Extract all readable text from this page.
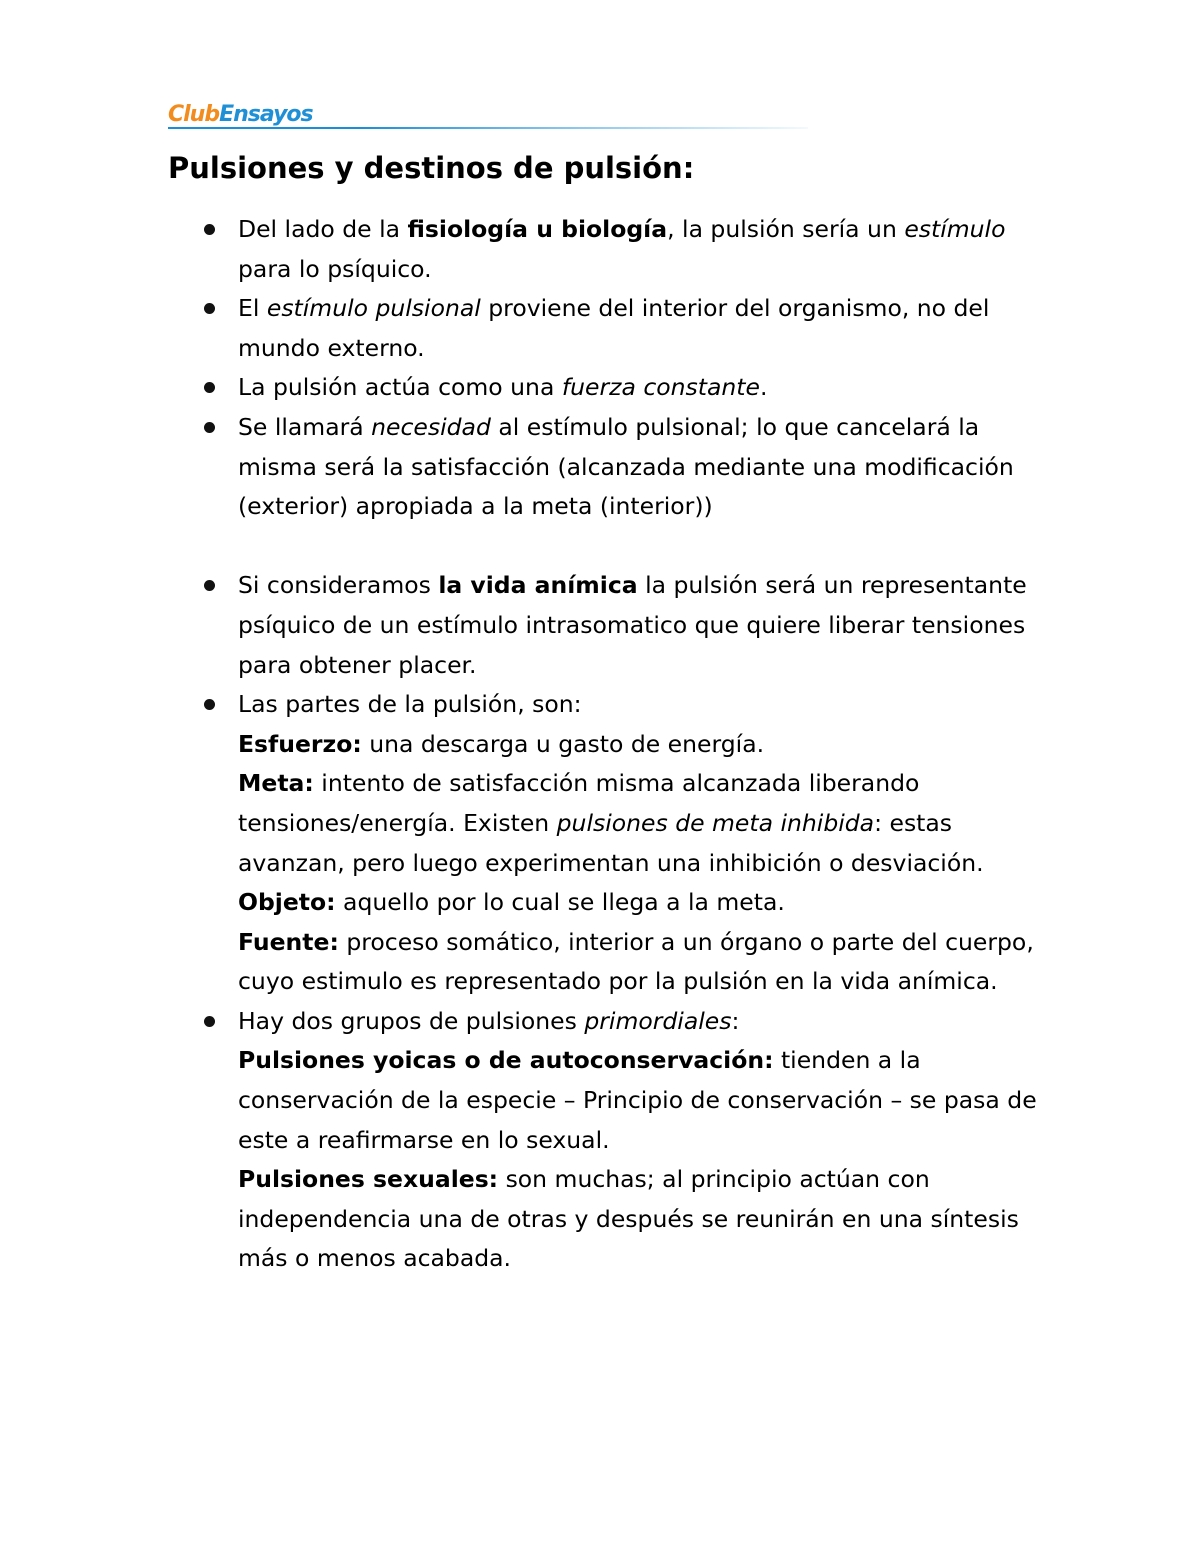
ClubEnsayos
Pulsiones y destinos de pulsión:

Del lado de la fisiología u biología, la pulsión sería un estímulo para lo psíquico.

El estímulo pulsional proviene del interior del organismo, no del mundo externo.

La pulsión actúa como una fuerza constante.

Se llamará necesidad al estímulo pulsional; lo que cancelará la misma será la satisfacción (alcanzada mediante una modificación (exterior) apropiada a la meta (interior))

Si consideramos la vida anímica la pulsión será un representante psíquico de un estímulo intrasomatico que quiere liberar tensiones para obtener placer.

Las partes de la pulsión, son:
Esfuerzo: una descarga u gasto de energía.
Meta: intento de satisfacción misma alcanzada liberando tensiones/energía. Existen pulsiones de meta inhibida: estas avanzan, pero luego experimentan una inhibición o desviación.
Objeto: aquello por lo cual se llega a la meta.
Fuente: proceso somático, interior a un órgano o parte del cuerpo, cuyo estimulo es representado por la pulsión en la vida anímica.
Hay dos grupos de pulsiones primordiales:
Pulsiones yoicas o de autoconservación: tienden a la conservación de la especie – Principio de conservación – se pasa de este a reafirmarse en lo sexual.
Pulsiones sexuales: son muchas; al principio actúan con independencia una de otras y después se reunirán en una síntesis más o menos acabada.
